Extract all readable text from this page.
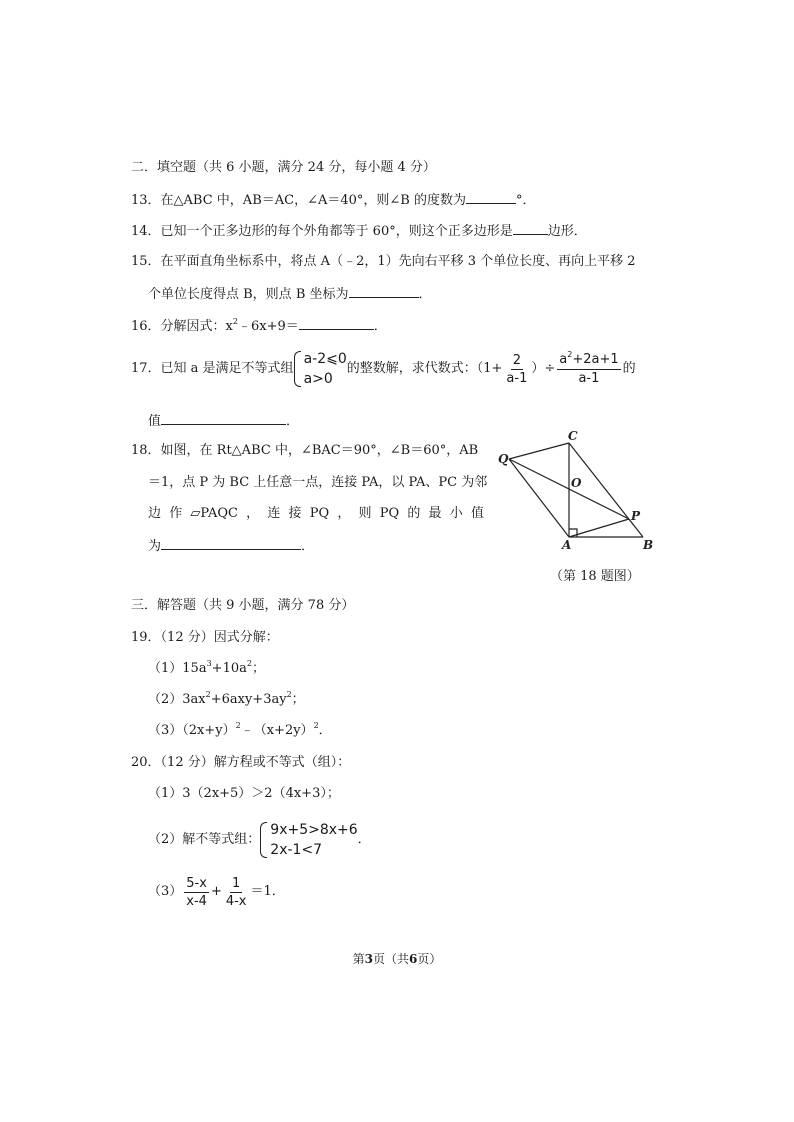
二．填空题（共 6 小题，满分 24 分，每小题 4 分）
13．在△ABC 中，AB＝AC，∠A＝40°，则∠B 的度数为	°．
14．已知一个正多边形的每个外角都等于 60°，则这个正多边形是	边形．
15．在平面直角坐标系中，将点 A（﹣2，1）先向右平移 3 个单位长度、再向上平移 2
个单位长度得点 B，则点 B 坐标为	．
16．分解因式：$x^2﹣6x+9=$	．
17．已知 a 是满足不等式组
a-2⩽0
a>0
的整数解，求代数式：（$1+ \frac{2}{a-1}$ ）÷ $\frac{a^2+2a+1}{a-1}$ 的
值	．
18．如图，在 Rt△ABC 中，∠BAC＝90°，∠B＝60°，AB
＝1，点 P 为 BC 上任意一点，连接 PA，以 PA、PC 为邻
边 作 ▱PAQC ， 连 接 PQ ， 则 PQ 的 最 小 值
为	．
C
Q
O
P
A	B
（第 18 题图）
三．解答题（共 9 小题，满分 78 分）
19．（12 分）因式分解：
$(1)15a^3+10a^2$；
$(2)3ax^2+6axy+3ay^2$；
$(3)(2x+y)^2﹣(x+2y)^2$．
20．（12 分）解方程或不等式（组）：
（1）3（2x+5）＞2（4x+3）；
（2）解不等式组：
9x+5>8x+6
2x-1<7
．
$(3) \frac{5-x}{x-4} + \frac{1}{4-x} =1$．
第3页（共6页）
